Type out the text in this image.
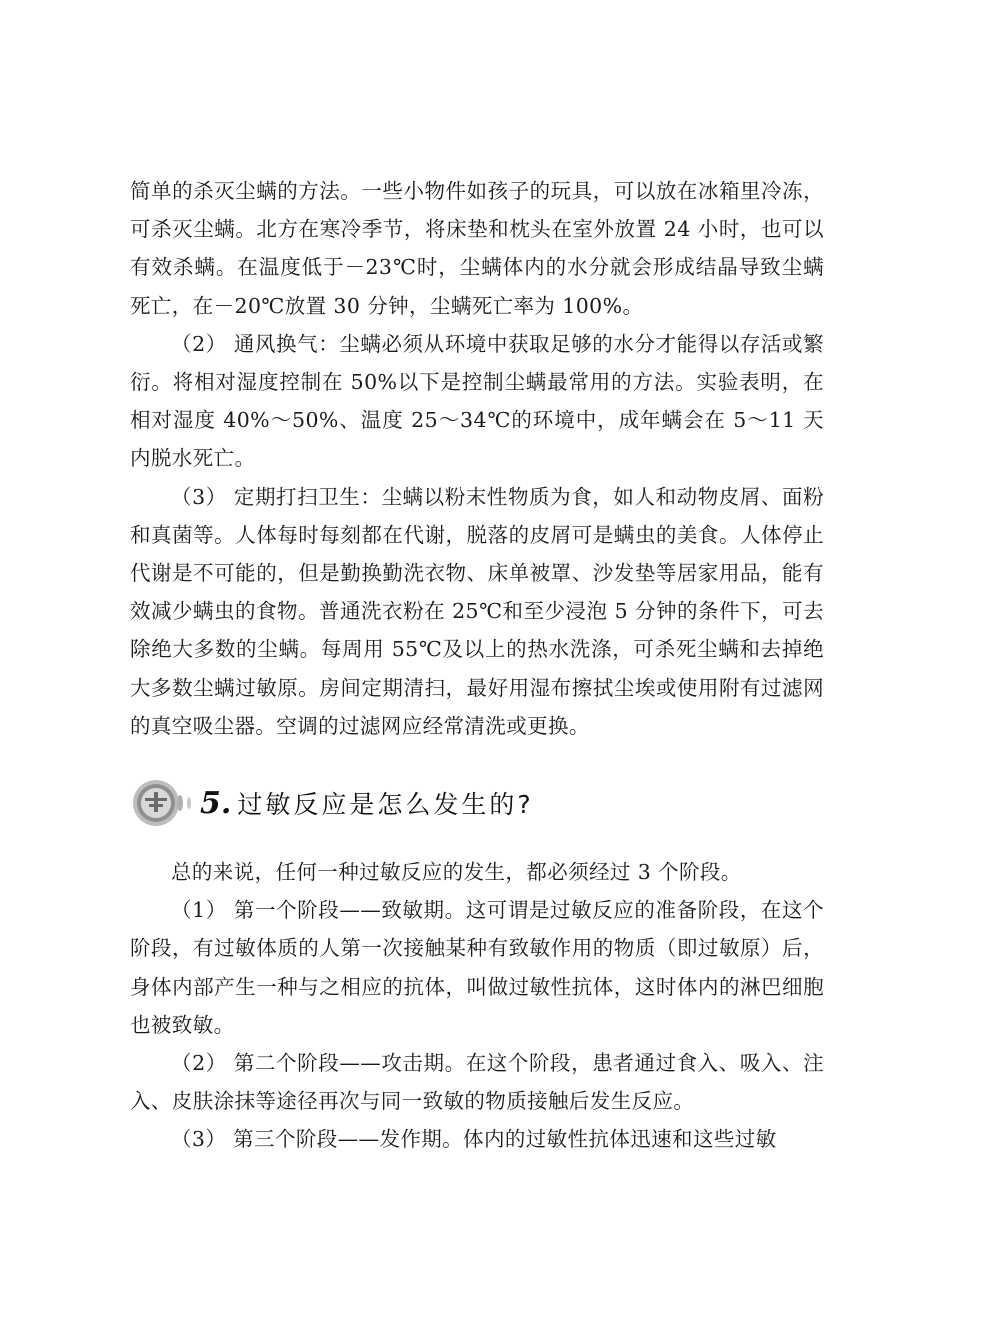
简单的杀灭尘螨的方法。一些小物件如孩子的玩具，可以放在冰箱里冷冻，可杀灭尘螨。北方在寒冷季节，将床垫和枕头在室外放置 24 小时，也可以有效杀螨。在温度低于－23℃时，尘螨体内的水分就会形成结晶导致尘螨死亡，在－20℃放置 30 分钟，尘螨死亡率为 100%。

（2） 通风换气：尘螨必须从环境中获取足够的水分才能得以存活或繁衍。将相对湿度控制在 50%以下是控制尘螨最常用的方法。实验表明，在相对湿度 40%～50%、温度 25～34℃的环境中，成年螨会在 5～11 天内脱水死亡。

（3） 定期打扫卫生：尘螨以粉末性物质为食，如人和动物皮屑、面粉和真菌等。人体每时每刻都在代谢，脱落的皮屑可是螨虫的美食。人体停止代谢是不可能的，但是勤换勤洗衣物、床单被罩、沙发垫等居家用品，能有效减少螨虫的食物。普通洗衣粉在 25℃和至少浸泡 5 分钟的条件下，可去除绝大多数的尘螨。每周用 55℃及以上的热水洗涤，可杀死尘螨和去掉绝大多数尘螨过敏原。房间定期清扫，最好用湿布擦拭尘埃或使用附有过滤网的真空吸尘器。空调的过滤网应经常清洗或更换。

5. 过敏反应是怎么发生的?

总的来说，任何一种过敏反应的发生，都必须经过 3 个阶段。

（1） 第一个阶段——致敏期。这可谓是过敏反应的准备阶段，在这个阶段，有过敏体质的人第一次接触某种有致敏作用的物质（即过敏原）后，身体内部产生一种与之相应的抗体，叫做过敏性抗体，这时体内的淋巴细胞也被致敏。

（2） 第二个阶段——攻击期。在这个阶段，患者通过食入、吸入、注入、皮肤涂抹等途径再次与同一致敏的物质接触后发生反应。

（3） 第三个阶段——发作期。体内的过敏性抗体迅速和这些过敏
